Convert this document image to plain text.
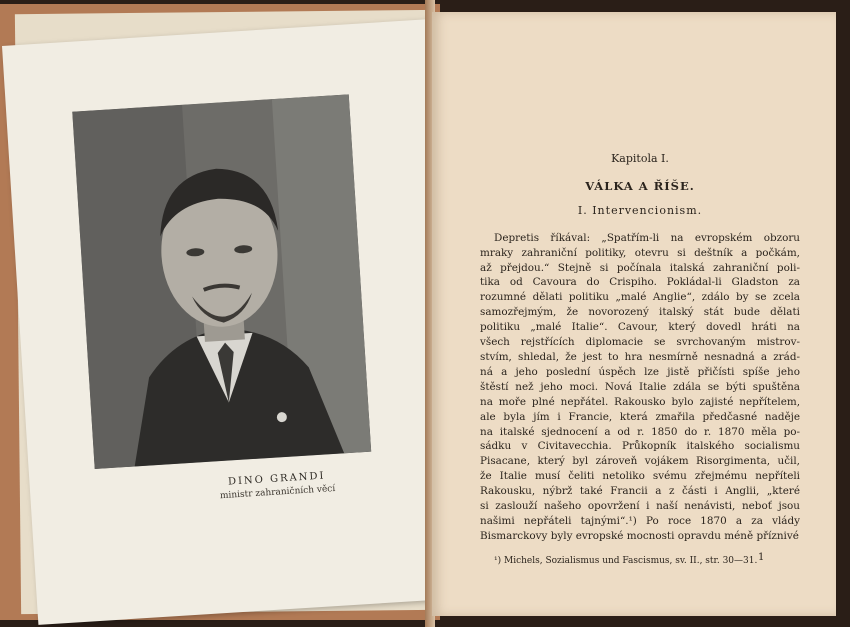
DINO GRANDI
ministr zahraničních věcí
Kapitola I.
VÁLKA A ŘÍŠE.
I. Intervencionism.
Depretis říkával: „Spatřím-li na evropském obzoru
mraky zahraniční politiky, otevru si deštník a počkám,
až přejdou.“ Stejně si počínala italská zahraniční poli-
tika od Cavoura do Crispiho. Pokládal-li Gladston za
rozumné dělati politiku „malé Anglie“, zdálo by se zcela
samozřejmým, že novorozený italský stát bude dělati
politiku „malé Italie“. Cavour, který dovedl hráti na
všech rejstřících diplomacie se svrchovaným mistrov-
stvím, shledal, že jest to hra nesmírně nesnadná a zrád-
ná a jeho poslední úspěch lze jistě přičísti spíše jeho
štěstí než jeho moci. Nová Italie zdála se býti spuštěna
na moře plné nepřátel. Rakousko bylo zajisté nepřítelem,
ale byla jím i Francie, která zmařila předčasné naděje
na italské sjednocení a od r. 1850 do r. 1870 měla po-
sádku v Civitavecchia. Průkopník italského socialismu
Pisacane, který byl zároveň vojákem Risorgimenta, učil,
že Italie musí čeliti netoliko svému zřejmému nepříteli
Rakousku, nýbrž také Francii a z části i Anglii, „které
si zaslouží našeho opovržení i naší nenávisti, neboť jsou
našimi nepřáteli tajnými“.¹) Po roce 1870 a za vlády
Bismarckovy byly evropské mocnosti opravdu méně příznivé
¹) Michels, Sozialismus und Fascismus, sv. II., str. 30—31. 1
